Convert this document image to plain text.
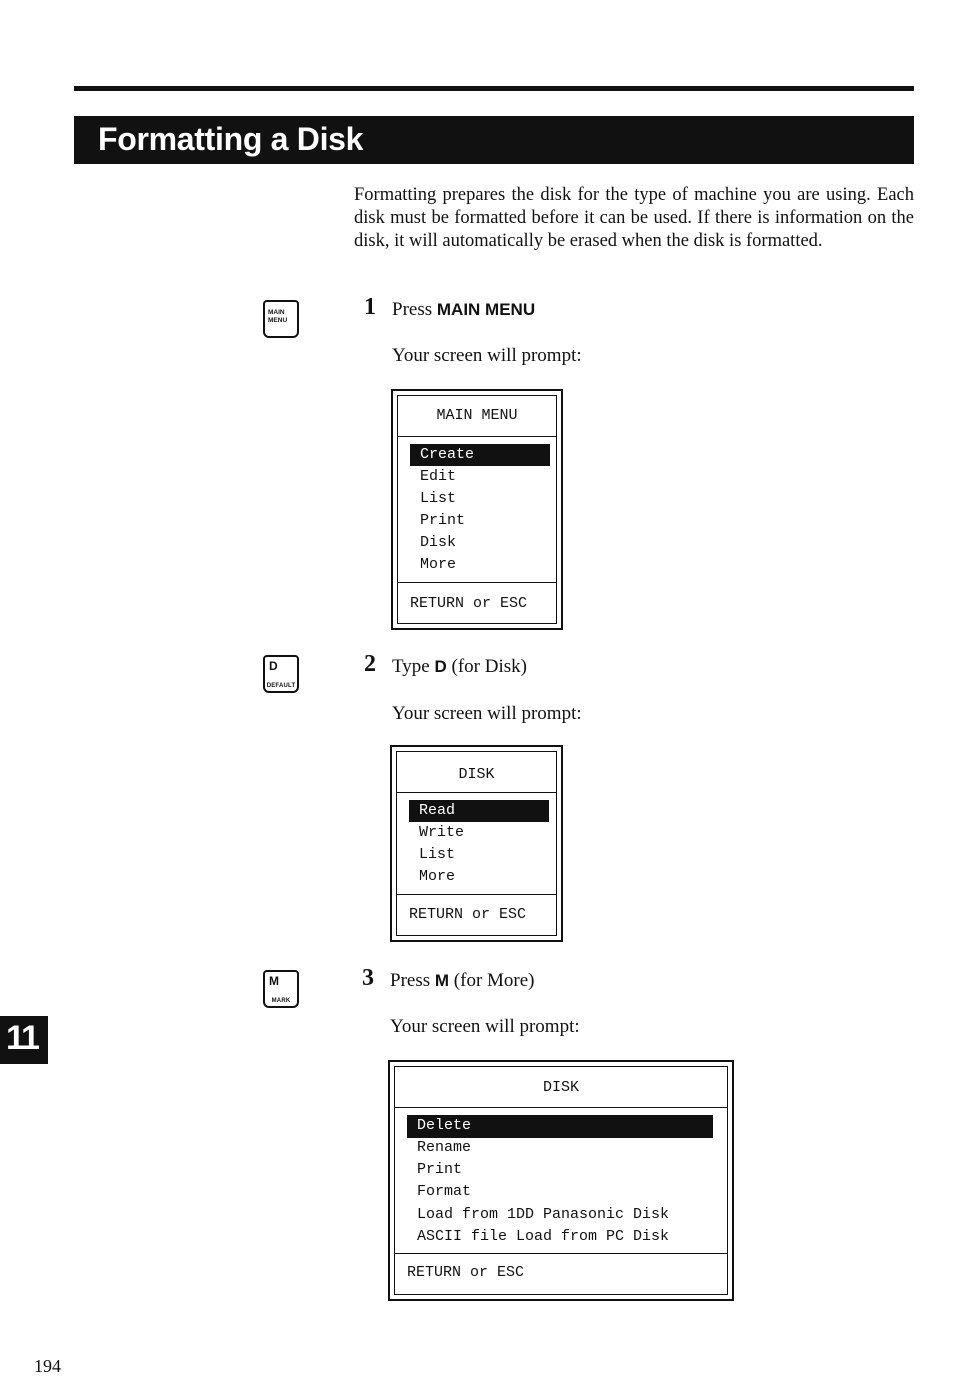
Formatting a Disk
Formatting prepares the disk for the type of machine you are using. Each disk must be formatted before it can be used. If there is information on the disk, it will automatically be erased when the disk is formatted.
MAIN
MENU
1 Press MAIN MENU
Your screen will prompt:
MAIN MENU
Create
Edit
List
Print
Disk
More
RETURN or ESC
D
DEFAULT
2 Type D (for Disk)
Your screen will prompt:
DISK
Read
Write
List
More
RETURN or ESC
M
MARK
3 Press M (for More)
Your screen will prompt:
DISK
Delete
Rename
Print
Format
Load from 1DD Panasonic Disk
ASCII file Load from PC Disk
RETURN or ESC
11
194
